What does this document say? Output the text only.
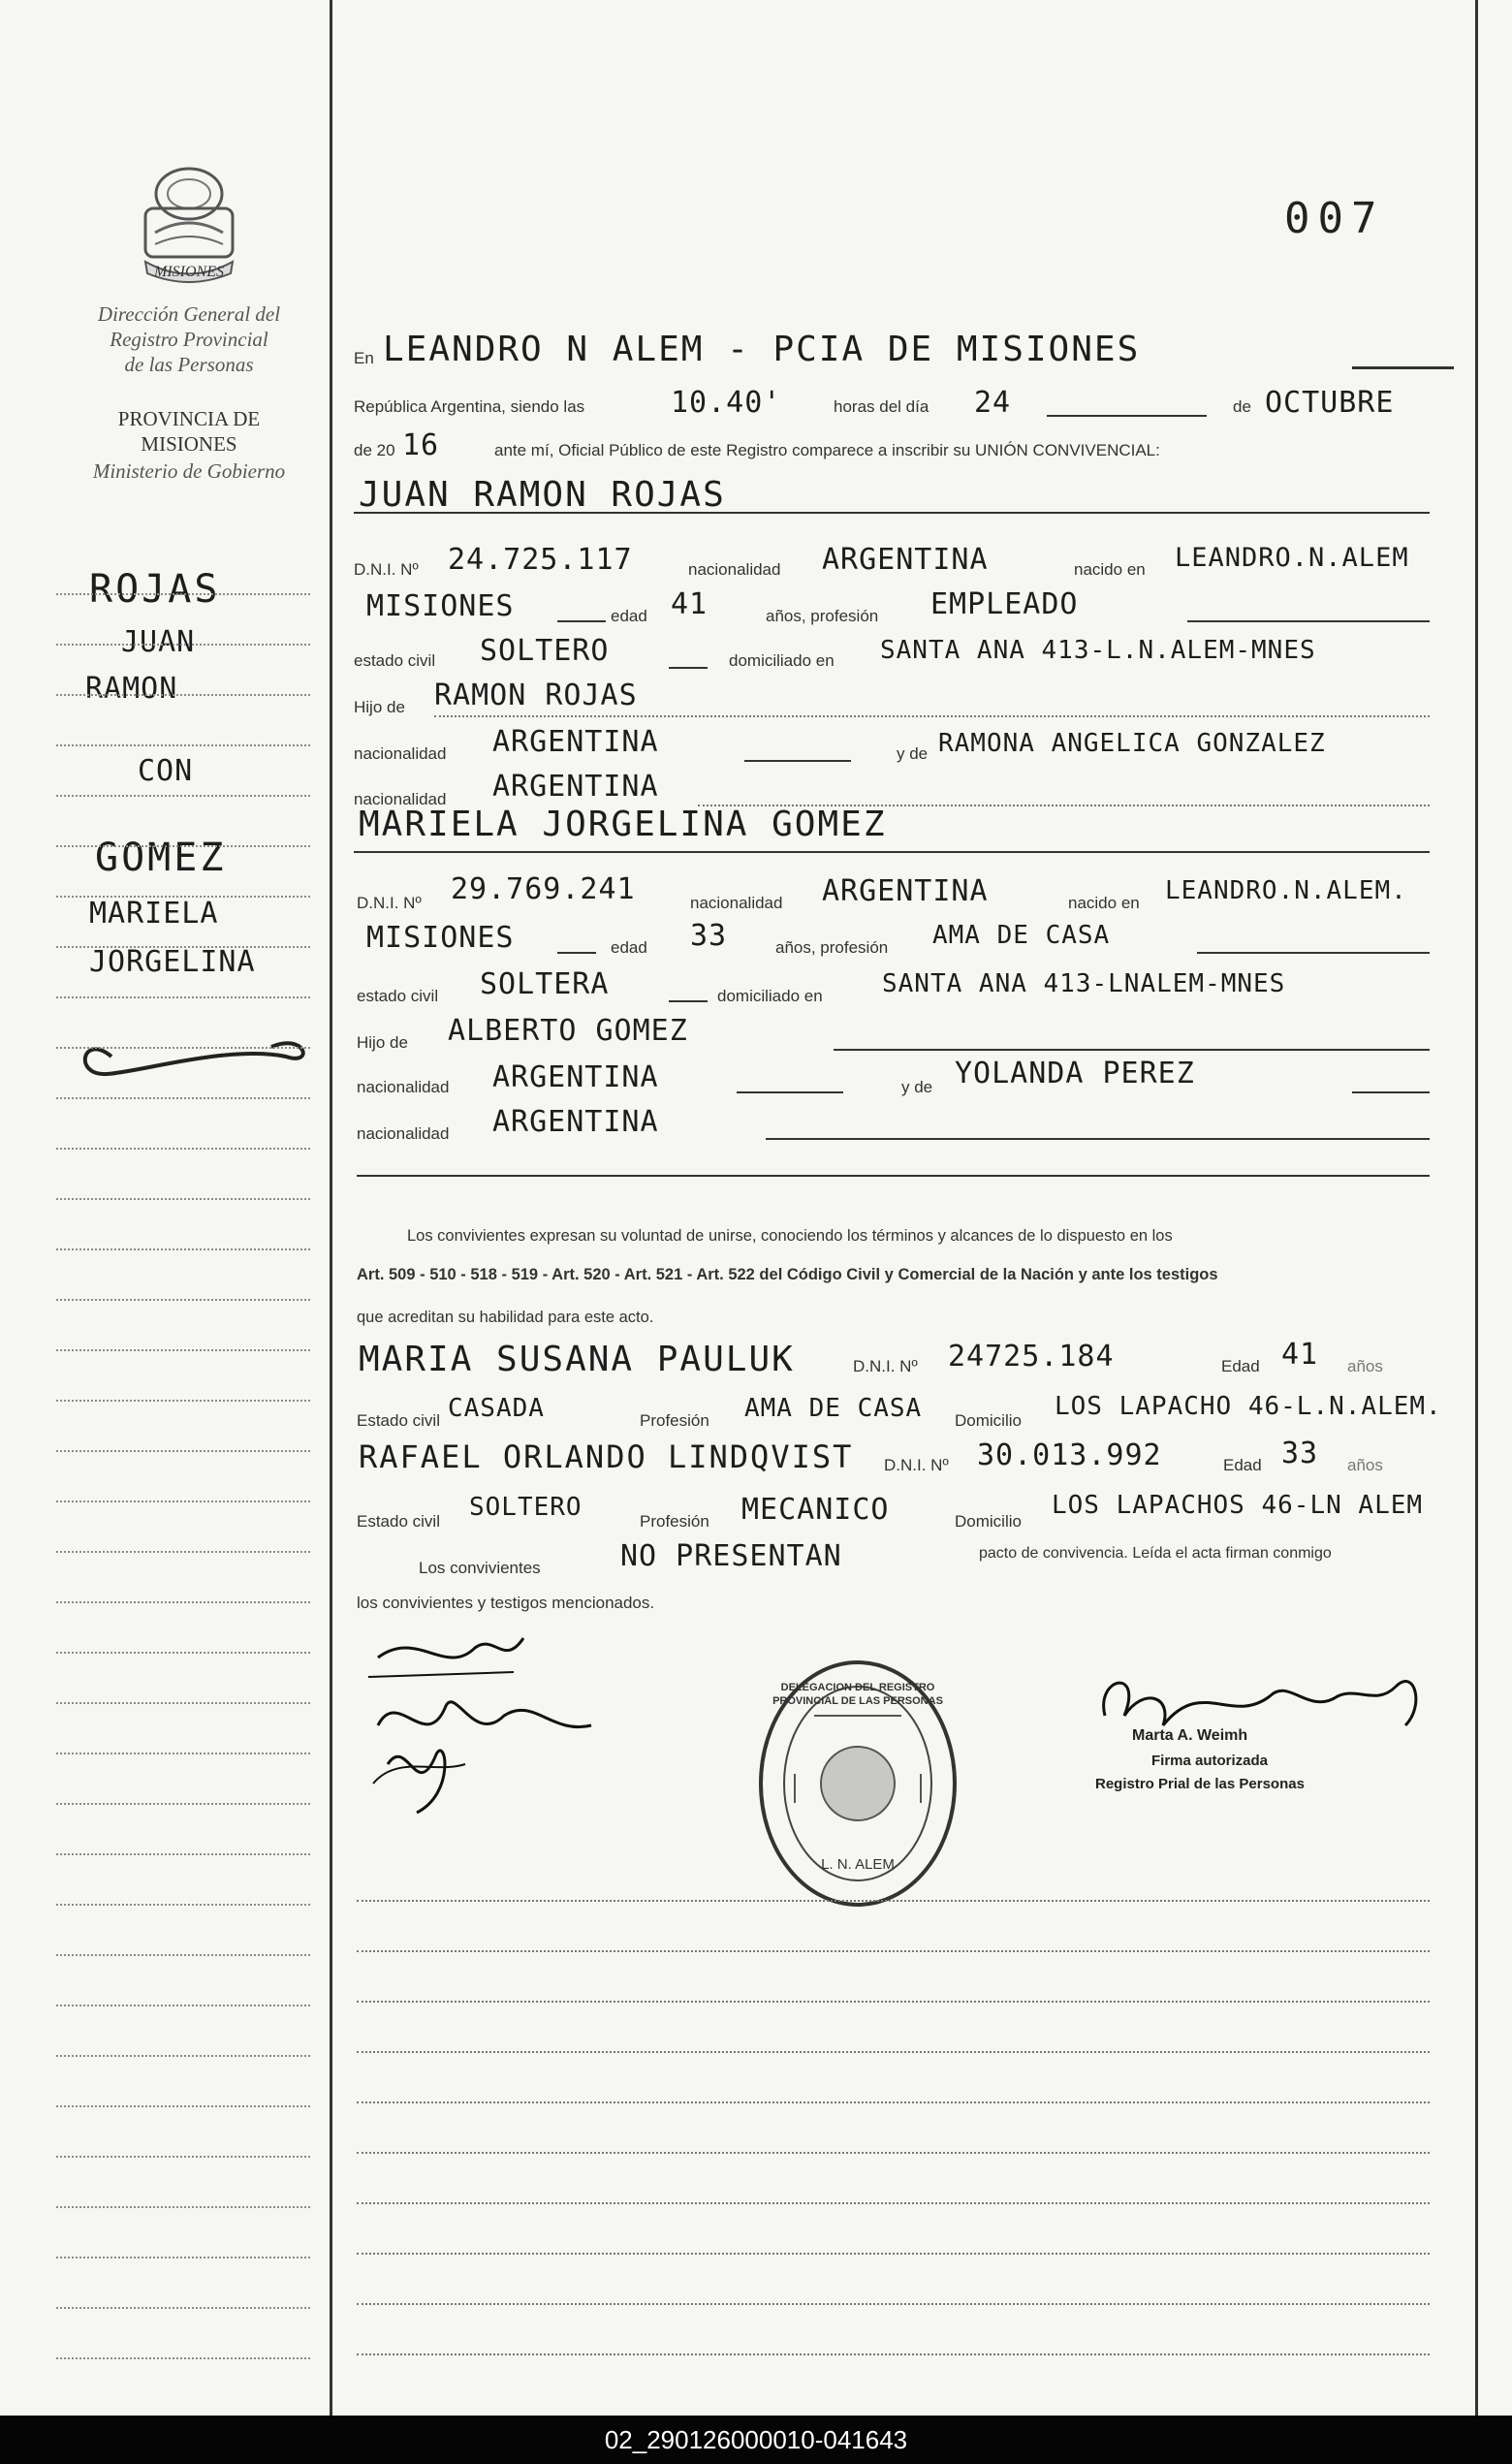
007
MISIONES
Dirección General del
Registro Provincial
de las Personas
PROVINCIA DE
MISIONES
Ministerio de Gobierno
ROJAS
JUAN
RAMON
CON
GOMEZ
MARIELA
JORGELINA
En LEANDRO N ALEM - PCIA DE MISIONES
República Argentina, siendo las	10.40'	horas del día 24	de OCTUBRE
de 20 16	ante mí, Oficial Público de este Registro comparece a inscribir su UNIÓN CONVIVENCIAL:
JUAN RAMON ROJAS
D.N.I. Nº 24.725.117	nacionalidad ARGENTINA	nacido en LEANDRO.N.ALEM
MISIONES	edad 41	años, profesión EMPLEADO
estado civil SOLTERO	domiciliado en SANTA ANA 413-L.N.ALEM-MNES
Hijo de RAMON ROJAS
nacionalidad ARGENTINA	y de RAMONA ANGELICA GONZALEZ
nacionalidad ARGENTINA
MARIELA JORGELINA GOMEZ
D.N.I. Nº 29.769.241	nacionalidad ARGENTINA	nacido en LEANDRO.N.ALEM.
MISIONES	edad 33	años, profesión AMA DE CASA
estado civil SOLTERA	domiciliado en SANTA ANA 413-LNALEM-MNES
Hijo de ALBERTO GOMEZ
nacionalidad ARGENTINA	y de YOLANDA PEREZ
nacionalidad ARGENTINA
Los convivientes expresan su voluntad de unirse, conociendo los términos y alcances de lo dispuesto en los
Art. 509 - 510 - 518 - 519 - Art. 520 - Art. 521 - Art. 522 del Código Civil y Comercial de la Nación y ante los testigos
que acreditan su habilidad para este acto.
MARIA SUSANA PAULUK	D.N.I. Nº 24725.184	Edad 41 años
Estado civil CASADA	Profesión AMA DE CASA Domicilio LOS LAPACHO 46-L.N.ALEM.
RAFAEL ORLANDO LINDQVIST D.N.I. Nº 30.013.992	Edad 33 años
Estado civil SOLTERO	Profesión MECANICO	Domicilio
LOS LAPACHOS 46-LN ALEM
Los convivientes	NO PRESENTAN	pacto de convivencia. Leída el acta firman conmigo
los convivientes y testigos mencionados.
DELEGACION DEL REGISTRO PROVINCIAL DE LAS PERSONAS
L. N. ALEM
Marta A. Weimh
Firma autorizada
Registro Prial de las Personas
02_290126000010-041643
